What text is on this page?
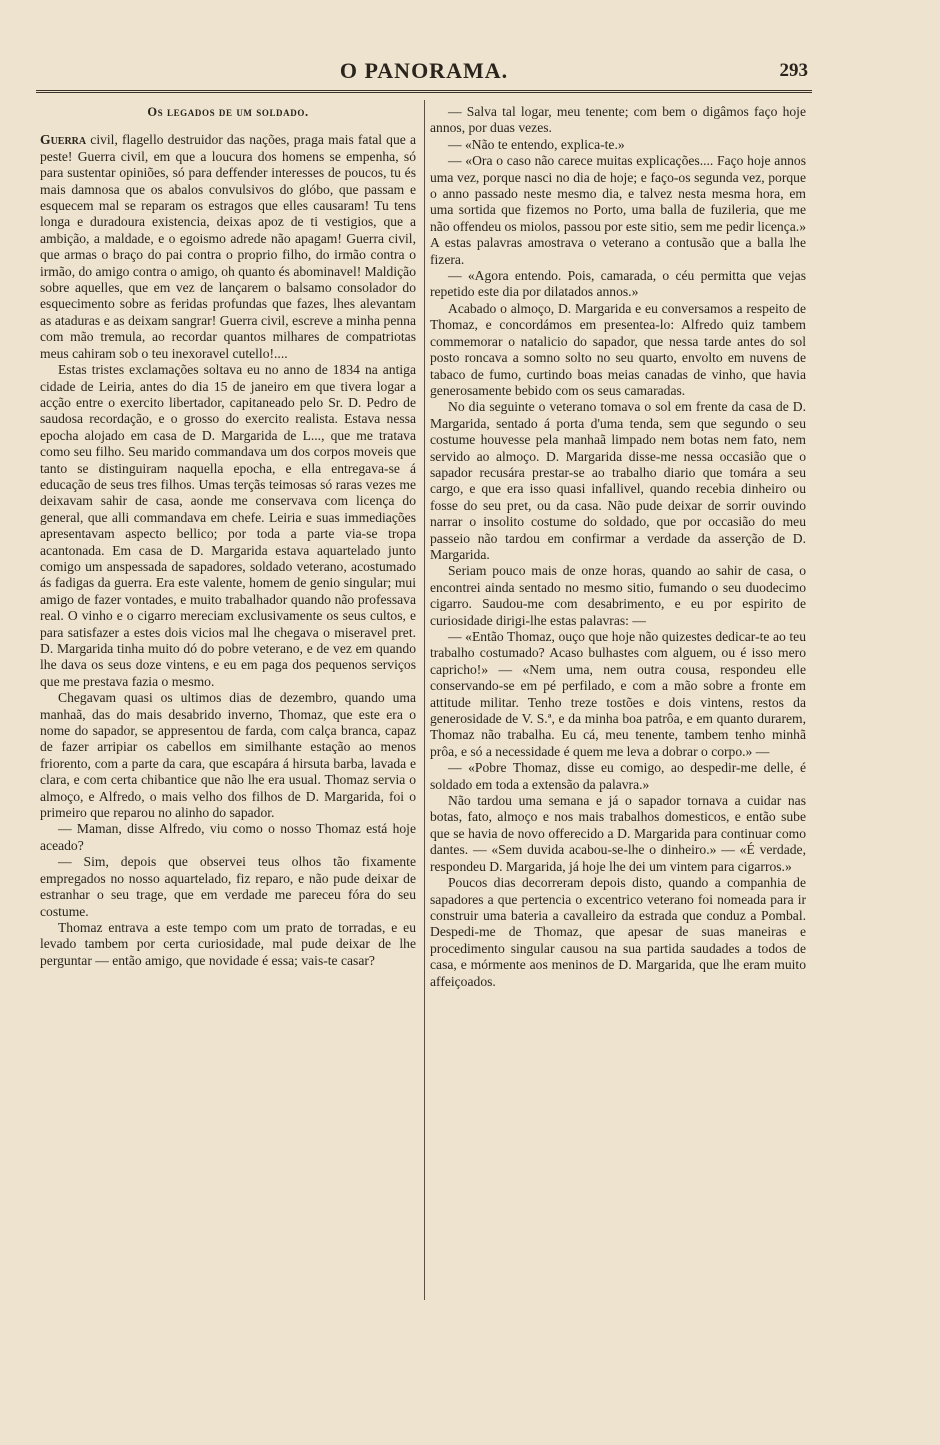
O PANORAMA.	293
Os legados de um soldado.

Guerra civil, flagello destruidor das nações, praga mais fatal que a peste! Guerra civil, em que a loucura dos homens se empenha, só para sustentar opiniões, só para deffender interesses de poucos, tu és mais damnosa que os abalos convulsivos do glóbo, que passam e esquecem mal se reparam os estragos que elles causaram! Tu tens longa e duradoura existencia, deixas apoz de ti vestigios, que a ambição, a maldade, e o egoismo adrede não apagam! Guerra civil, que armas o braço do pai contra o proprio filho, do irmão contra o irmão, do amigo contra o amigo, oh quanto és abominavel! Maldição sobre aquelles, que em vez de lançarem o balsamo consolador do esquecimento sobre as feridas profundas que fazes, lhes alevantam as ataduras e as deixam sangrar! Guerra civil, escreve a minha penna com mão tremula, ao recordar quantos milhares de compatriotas meus cahiram sob o teu inexoravel cutello!....

Estas tristes exclamações soltava eu no anno de 1834 na antiga cidade de Leiria, antes do dia 15 de janeiro em que tivera logar a acção entre o exercito libertador, capitaneado pelo Sr. D. Pedro de saudosa recordação, e o grosso do exercito realista. Estava nessa epocha alojado em casa de D. Margarida de L..., que me tratava como seu filho. Seu marido commandava um dos corpos moveis que tanto se distinguiram naquella epocha, e ella entregava-se á educação de seus tres filhos. Umas terçãs teimosas só raras vezes me deixavam sahir de casa, aonde me conservava com licença do general, que alli commandava em chefe. Leiria e suas immediações apresentavam aspecto bellico; por toda a parte via-se tropa acantonada. Em casa de D. Margarida estava aquartelado junto comigo um anspessada de sapadores, soldado veterano, acostumado ás fadigas da guerra. Era este valente, homem de genio singular; mui amigo de fazer vontades, e muito trabalhador quando não professava real. O vinho e o cigarro mereciam exclusivamente os seus cultos, e para satisfazer a estes dois vicios mal lhe chegava o miseravel pret. D. Margarida tinha muito dó do pobre veterano, e de vez em quando lhe dava os seus doze vintens, e eu em paga dos pequenos serviços que me prestava fazia o mesmo.

Chegavam quasi os ultimos dias de dezembro, quando uma manhaã, das do mais desabrido inverno, Thomaz, que este era o nome do sapador, se appresentou de farda, com calça branca, capaz de fazer arripiar os cabellos em similhante estação ao menos friorento, com a parte da cara, que escapára á hirsuta barba, lavada e clara, e com certa chibantice que não lhe era usual. Thomaz servia o almoço, e Alfredo, o mais velho dos filhos de D. Margarida, foi o primeiro que reparou no alinho do sapador.

— Maman, disse Alfredo, viu como o nosso Thomaz está hoje aceado?

— Sim, depois que observei teus olhos tão fixamente empregados no nosso aquartelado, fiz reparo, e não pude deixar de estranhar o seu trage, que em verdade me pareceu fóra do seu costume.

Thomaz entrava a este tempo com um prato de torradas, e eu levado tambem por certa curiosidade, mal pude deixar de lhe perguntar — então amigo, que novidade é essa; vais-te casar?

— Salva tal logar, meu tenente; com bem o digâmos faço hoje annos, por duas vezes.

— «Não te entendo, explica-te.»

— «Ora o caso não carece muitas explicações.... Faço hoje annos uma vez, porque nasci no dia de hoje; e faço-os segunda vez, porque o anno passado neste mesmo dia, e talvez nesta mesma hora, em uma sortida que fizemos no Porto, uma balla de fuzileria, que me não offendeu os miolos, passou por este sitio, sem me pedir licença.» A estas palavras amostrava o veterano a contusão que a balla lhe fizera.

— «Agora entendo. Pois, camarada, o céu permitta que vejas repetido este dia por dilatados annos.»

Acabado o almoço, D. Margarida e eu conversamos a respeito de Thomaz, e concordámos em presentea-lo: Alfredo quiz tambem commemorar o natalicio do sapador, que nessa tarde antes do sol posto roncava a somno solto no seu quarto, envolto em nuvens de tabaco de fumo, curtindo boas meias canadas de vinho, que havia generosamente bebido com os seus camaradas.

No dia seguinte o veterano tomava o sol em frente da casa de D. Margarida, sentado á porta d'uma tenda, sem que segundo o seu costume houvesse pela manhaã limpado nem botas nem fato, nem servido ao almoço. D. Margarida disse-me nessa occasião que o sapador recusára prestar-se ao trabalho diario que tomára a seu cargo, e que era isso quasi infallivel, quando recebia dinheiro ou fosse do seu pret, ou da casa. Não pude deixar de sorrir ouvindo narrar o insolito costume do soldado, que por occasião do meu passeio não tardou em confirmar a verdade da asserção de D. Margarida.

Seriam pouco mais de onze horas, quando ao sahir de casa, o encontrei ainda sentado no mesmo sitio, fumando o seu duodecimo cigarro. Saudou-me com desabrimento, e eu por espirito de curiosidade dirigi-lhe estas palavras: —

— «Então Thomaz, ouço que hoje não quizestes dedicar-te ao teu trabalho costumado? Acaso bulhastes com alguem, ou é isso mero capricho!» — «Nem uma, nem outra cousa, respondeu elle conservando-se em pé perfilado, e com a mão sobre a fronte em attitude militar. Tenho treze tostões e dois vintens, restos da generosidade de V. S.ª, e da minha boa patrôa, e em quanto durarem, Thomaz não trabalha. Eu cá, meu tenente, tambem tenho minhã prôa, e só a necessidade é quem me leva a dobrar o corpo.» —

— «Pobre Thomaz, disse eu comigo, ao despedir-me delle, é soldado em toda a extensão da palavra.»

Não tardou uma semana e já o sapador tornava a cuidar nas botas, fato, almoço e nos mais trabalhos domesticos, e então sube que se havia de novo offerecido a D. Margarida para continuar como dantes. — «Sem duvida acabou-se-lhe o dinheiro.» — «É verdade, respondeu D. Margarida, já hoje lhe dei um vintem para cigarros.»

Poucos dias decorreram depois disto, quando a companhia de sapadores a que pertencia o excentrico veterano foi nomeada para ir construir uma bateria a cavalleiro da estrada que conduz a Pombal. Despedi-me de Thomaz, que apesar de suas maneiras e procedimento singular causou na sua partida saudades a todos de casa, e mórmente aos meninos de D. Margarida, que lhe eram muito affeiçoados.
